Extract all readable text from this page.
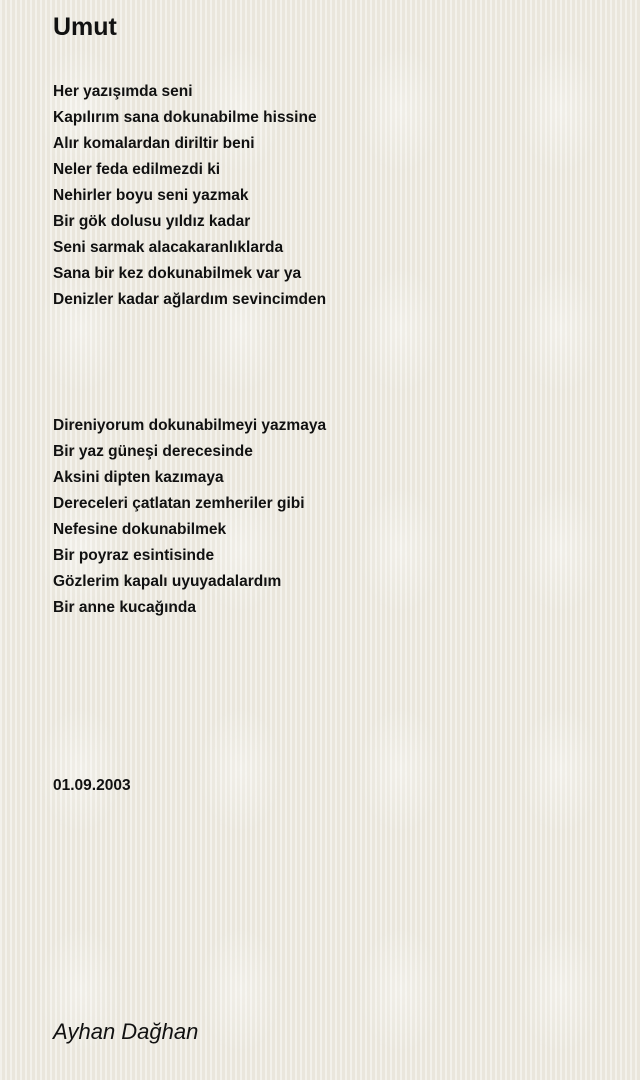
Umut
Her yazışımda seni
Kapılırım sana dokunabilme hissine
Alır komalardan diriltir beni
Neler feda edilmezdi ki
Nehirler boyu seni yazmak
Bir gök dolusu yıldız kadar
Seni sarmak alacakaranlıklarda
Sana bir kez dokunabilmek var ya
Denizler kadar ağlardım sevincimden
Direniyorum dokunabilmeyi yazmaya
Bir yaz güneşi derecesinde
Aksini dipten kazımaya
Dereceleri çatlatan zemheriler gibi
Nefesine dokunabilmek
Bir poyraz esintisinde
Gözlerim kapalı uyuyadalardım
Bir anne kucağında
01.09.2003
Ayhan Dağhan
